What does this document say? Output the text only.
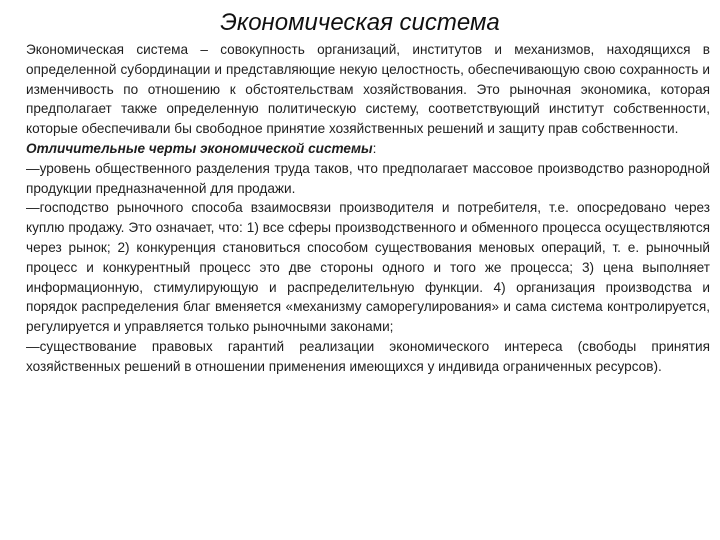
Экономическая система

Экономическая система – совокупность организаций, институтов и механизмов, находящихся в определенной субординации и представляющие некую целостность, обеспечивающую свою сохранность и изменчивость по отношению к обстоятельствам хозяйствования. Это рыночная экономика, которая предполагает также определенную политическую систему, соответствующий институт собственности, которые обеспечивали бы свободное принятие хозяйственных решений и защиту прав собственности.

Отличительные черты экономической системы:

—уровень общественного разделения труда таков, что предполагает массовое производство разнородной продукции предназначенной для продажи.

—господство рыночного способа взаимосвязи производителя и потребителя, т.е. опосредовано через куплю продажу. Это означает, что: 1) все сферы производственного и обменного процесса осуществляются через рынок; 2) конкуренция становиться способом существования меновых операций, т. е. рыночный процесс и конкурентный процесс это две стороны одного и того же процесса; 3) цена выполняет информационную, стимулирующую и распределительную функции. 4) организация производства и порядок распределения благ вменяется «механизму саморегулирования» и сама система контролируется, регулируется и управляется только рыночными законами;

—существование правовых гарантий реализации экономического интереса (свободы принятия хозяйственных решений в отношении применения имеющихся у индивида ограниченных ресурсов).
